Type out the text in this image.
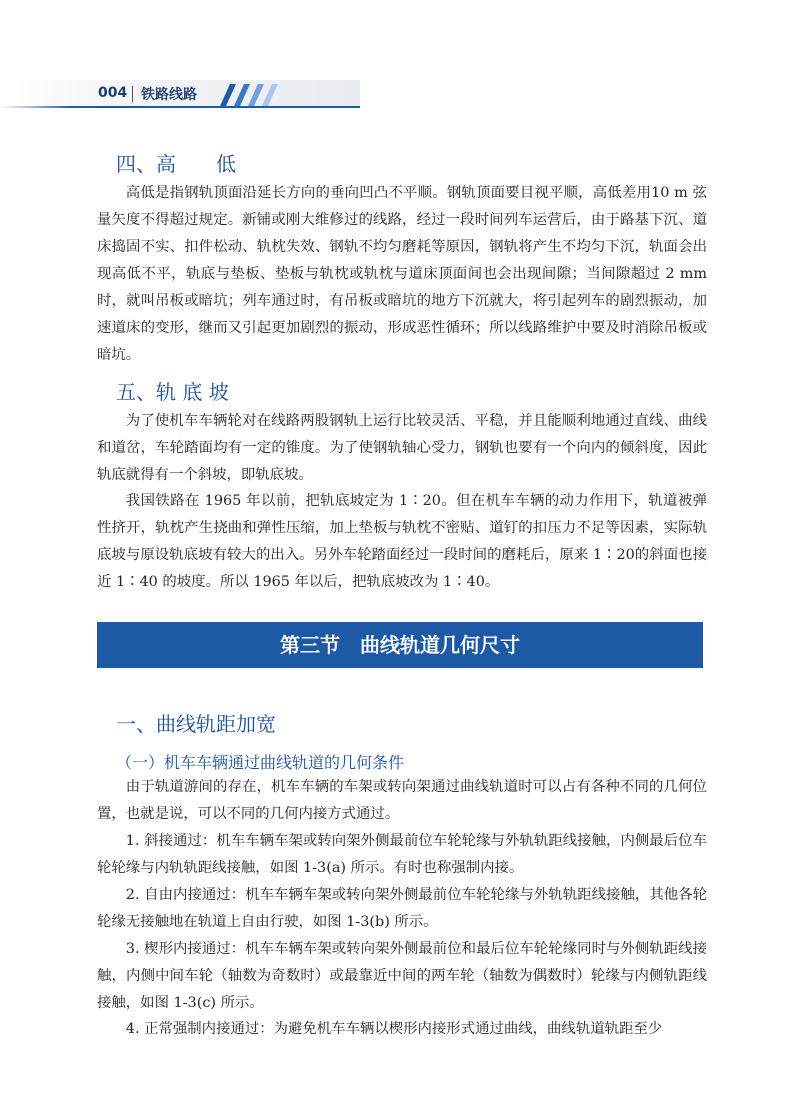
004 铁路线路
四、高　　低

高低是指钢轨顶面沿延长方向的垂向凹凸不平顺。钢轨顶面要目视平顺，高低差用10 m 弦量矢度不得超过规定。新铺或刚大维修过的线路，经过一段时间列车运营后，由于路基下沉、道床捣固不实、扣件松动、轨枕失效、钢轨不均匀磨耗等原因，钢轨将产生不均匀下沉，轨面会出现高低不平，轨底与垫板、垫板与轨枕或轨枕与道床顶面间也会出现间隙；当间隙超过 2 mm 时，就叫吊板或暗坑；列车通过时，有吊板或暗坑的地方下沉就大，将引起列车的剧烈振动，加速道床的变形，继而又引起更加剧烈的振动，形成恶性循环；所以线路维护中要及时消除吊板或暗坑。

五、轨 底 坡

为了使机车车辆轮对在线路两股钢轨上运行比较灵活、平稳，并且能顺利地通过直线、曲线和道岔，车轮踏面均有一定的锥度。为了使钢轨轴心受力，钢轨也要有一个向内的倾斜度，因此轨底就得有一个斜坡，即轨底坡。

我国铁路在 1965 年以前，把轨底坡定为 1∶20。但在机车车辆的动力作用下，轨道被弹性挤开，轨枕产生挠曲和弹性压缩，加上垫板与轨枕不密贴、道钉的扣压力不足等因素，实际轨底坡与原设轨底坡有较大的出入。另外车轮踏面经过一段时间的磨耗后，原来 1∶20的斜面也接近 1∶40 的坡度。所以 1965 年以后，把轨底坡改为 1∶40。

第三节　曲线轨道几何尺寸
一、曲线轨距加宽
（一）机车车辆通过曲线轨道的几何条件

由于轨道游间的存在，机车车辆的车架或转向架通过曲线轨道时可以占有各种不同的几何位置，也就是说，可以不同的几何内接方式通过。

1. 斜接通过：机车车辆车架或转向架外侧最前位车轮轮缘与外轨轨距线接触，内侧最后位车轮轮缘与内轨轨距线接触，如图 1-3(a) 所示。有时也称强制内接。

2. 自由内接通过：机车车辆车架或转向架外侧最前位车轮轮缘与外轨轨距线接触，其他各轮轮缘无接触地在轨道上自由行驶，如图 1-3(b) 所示。

3. 楔形内接通过：机车车辆车架或转向架外侧最前位和最后位车轮轮缘同时与外侧轨距线接触，内侧中间车轮（轴数为奇数时）或最靠近中间的两车轮（轴数为偶数时）轮缘与内侧轨距线接触，如图 1-3(c) 所示。

4. 正常强制内接通过：为避免机车车辆以楔形内接形式通过曲线，曲线轨道轨距至少
